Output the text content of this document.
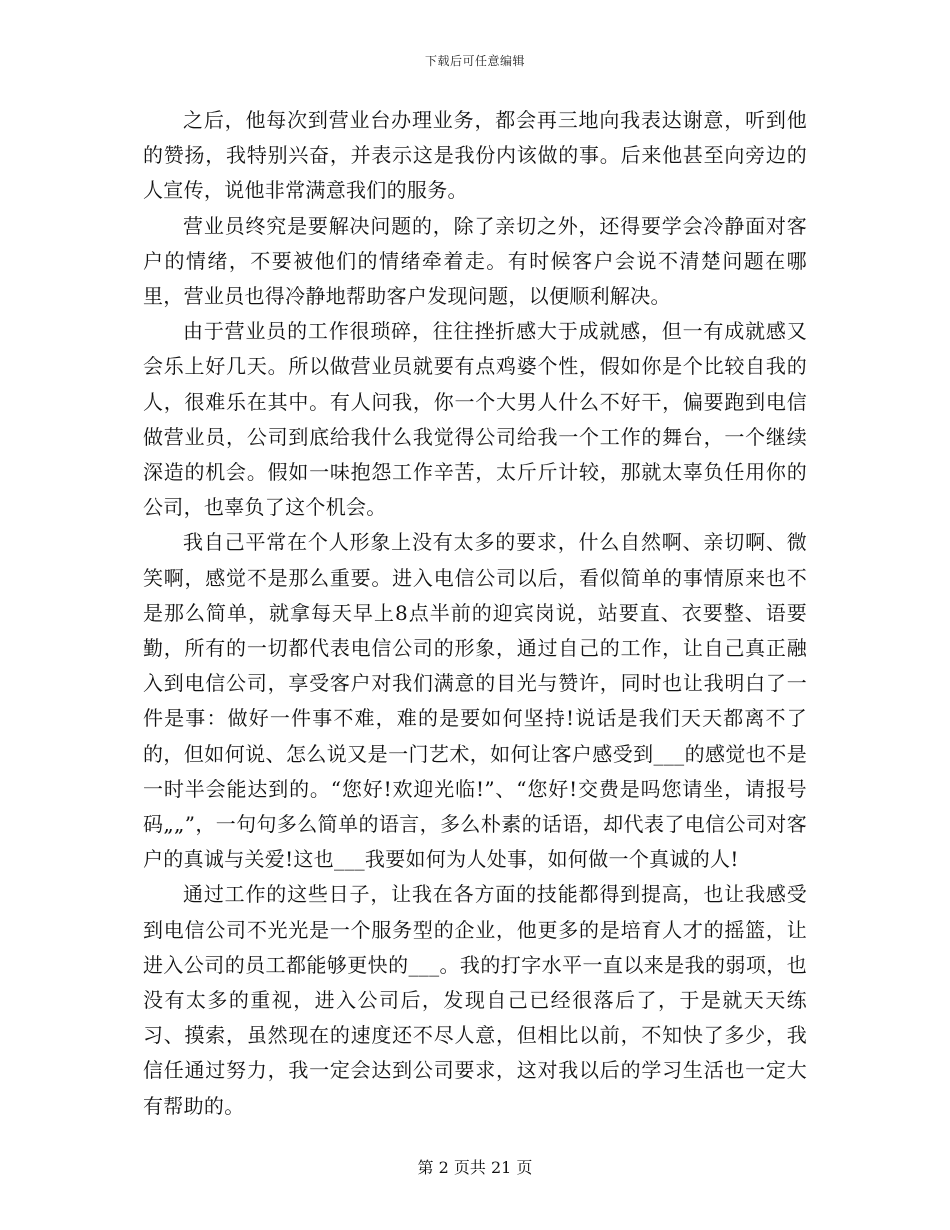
下载后可任意编辑

之后，他每次到营业台办理业务，都会再三地向我表达谢意，听到他的赞扬，我特别兴奋，并表示这是我份内该做的事。后来他甚至向旁边的人宣传，说他非常满意我们的服务。

营业员终究是要解决问题的，除了亲切之外，还得要学会冷静面对客户的情绪，不要被他们的情绪牵着走。有时候客户会说不清楚问题在哪里，营业员也得冷静地帮助客户发现问题，以便顺利解决。

由于营业员的工作很琐碎，往往挫折感大于成就感，但一有成就感又会乐上好几天。所以做营业员就要有点鸡婆个性，假如你是个比较自我的人，很难乐在其中。有人问我，你一个大男人什么不好干，偏要跑到电信做营业员，公司到底给我什么我觉得公司给我一个工作的舞台，一个继续深造的机会。假如一味抱怨工作辛苦，太斤斤计较，那就太辜负任用你的公司，也辜负了这个机会。

我自己平常在个人形象上没有太多的要求，什么自然啊、亲切啊、微笑啊，感觉不是那么重要。进入电信公司以后，看似简单的事情原来也不是那么简单，就拿每天早上8点半前的迎宾岗说，站要直、衣要整、语要勤，所有的一切都代表电信公司的形象，通过自己的工作，让自己真正融入到电信公司，享受客户对我们满意的目光与赞许，同时也让我明白了一件是事：做好一件事不难，难的是要如何坚持!说话是我们天天都离不了的，但如何说、怎么说又是一门艺术，如何让客户感受到___的感觉也不是一时半会能达到的。“您好!欢迎光临!”、“您好!交费是吗您请坐，请报号码„„”，一句句多么简单的语言，多么朴素的话语，却代表了电信公司对客户的真诚与关爱!这也___我要如何为人处事，如何做一个真诚的人!

通过工作的这些日子，让我在各方面的技能都得到提高，也让我感受到电信公司不光光是一个服务型的企业，他更多的是培育人才的摇篮，让进入公司的员工都能够更快的___。我的打字水平一直以来是我的弱项，也没有太多的重视，进入公司后，发现自己已经很落后了，于是就天天练习、摸索，虽然现在的速度还不尽人意，但相比以前，不知快了多少，我信任通过努力，我一定会达到公司要求，这对我以后的学习生活也一定大有帮助的。

第 2 页共 21 页
